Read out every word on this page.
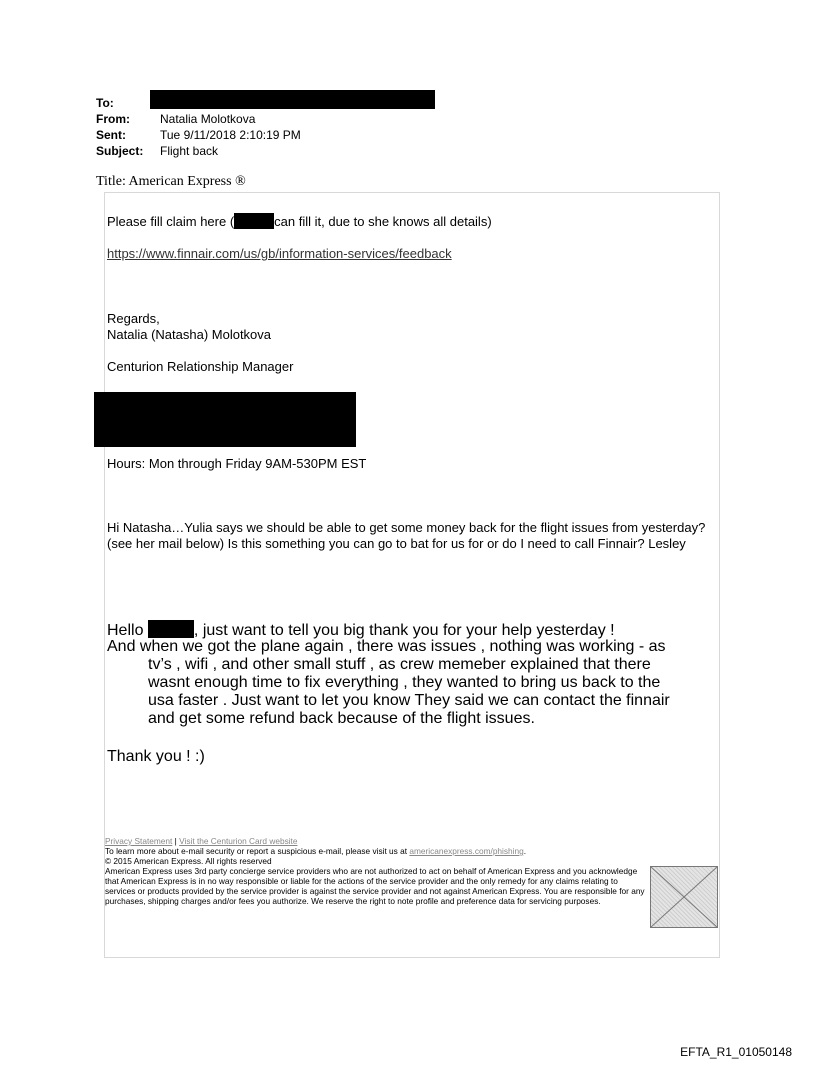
To:
From:	Natalia Molotkova
Sent:	Tue 9/11/2018 2:10:19 PM
Subject: Flight back
Title: American Express ®
Please fill claim here (	can fill it, due to she knows all details)
https://www.finnair.com/us/gb/information-services/feedback
Regards,
Natalia (Natasha) Molotkova
Centurion Relationship Manager
Hours: Mon through Friday 9AM-530PM EST
Hi Natasha…Yulia says we should be able to get some money back for the flight issues from yesterday? (see her mail below) Is this something you can go to bat for us for or do I need to call Finnair? Lesley
Hello	, just want to tell you big thank you for your help yesterday !
And when we got the plane again , there was issues , nothing was working - as
tv’s , wifi , and other small stuff , as crew memeber explained that there wasnt enough time to fix everything , they wanted to bring us back to the usa faster . Just want to let you know They said we can contact the finnair and get some refund back because of the flight issues.
Thank you ! :)
Privacy Statement | Visit the Centurion Card website
To learn more about e-mail security or report a suspicious e-mail, please visit us at americanexpress.com/phishing.
© 2015 American Express. All rights reserved
American Express uses 3rd party concierge service providers who are not authorized to act on behalf of American Express and you acknowledge that American Express is in no way responsible or liable for the actions of the service provider and the only remedy for any claims relating to services or products provided by the service provider is against the service provider and not against American Express. You are responsible for any purchases, shipping charges and/or fees you authorize. We reserve the right to note profile and preference data for servicing purposes.
EFTA_R1_01050148
